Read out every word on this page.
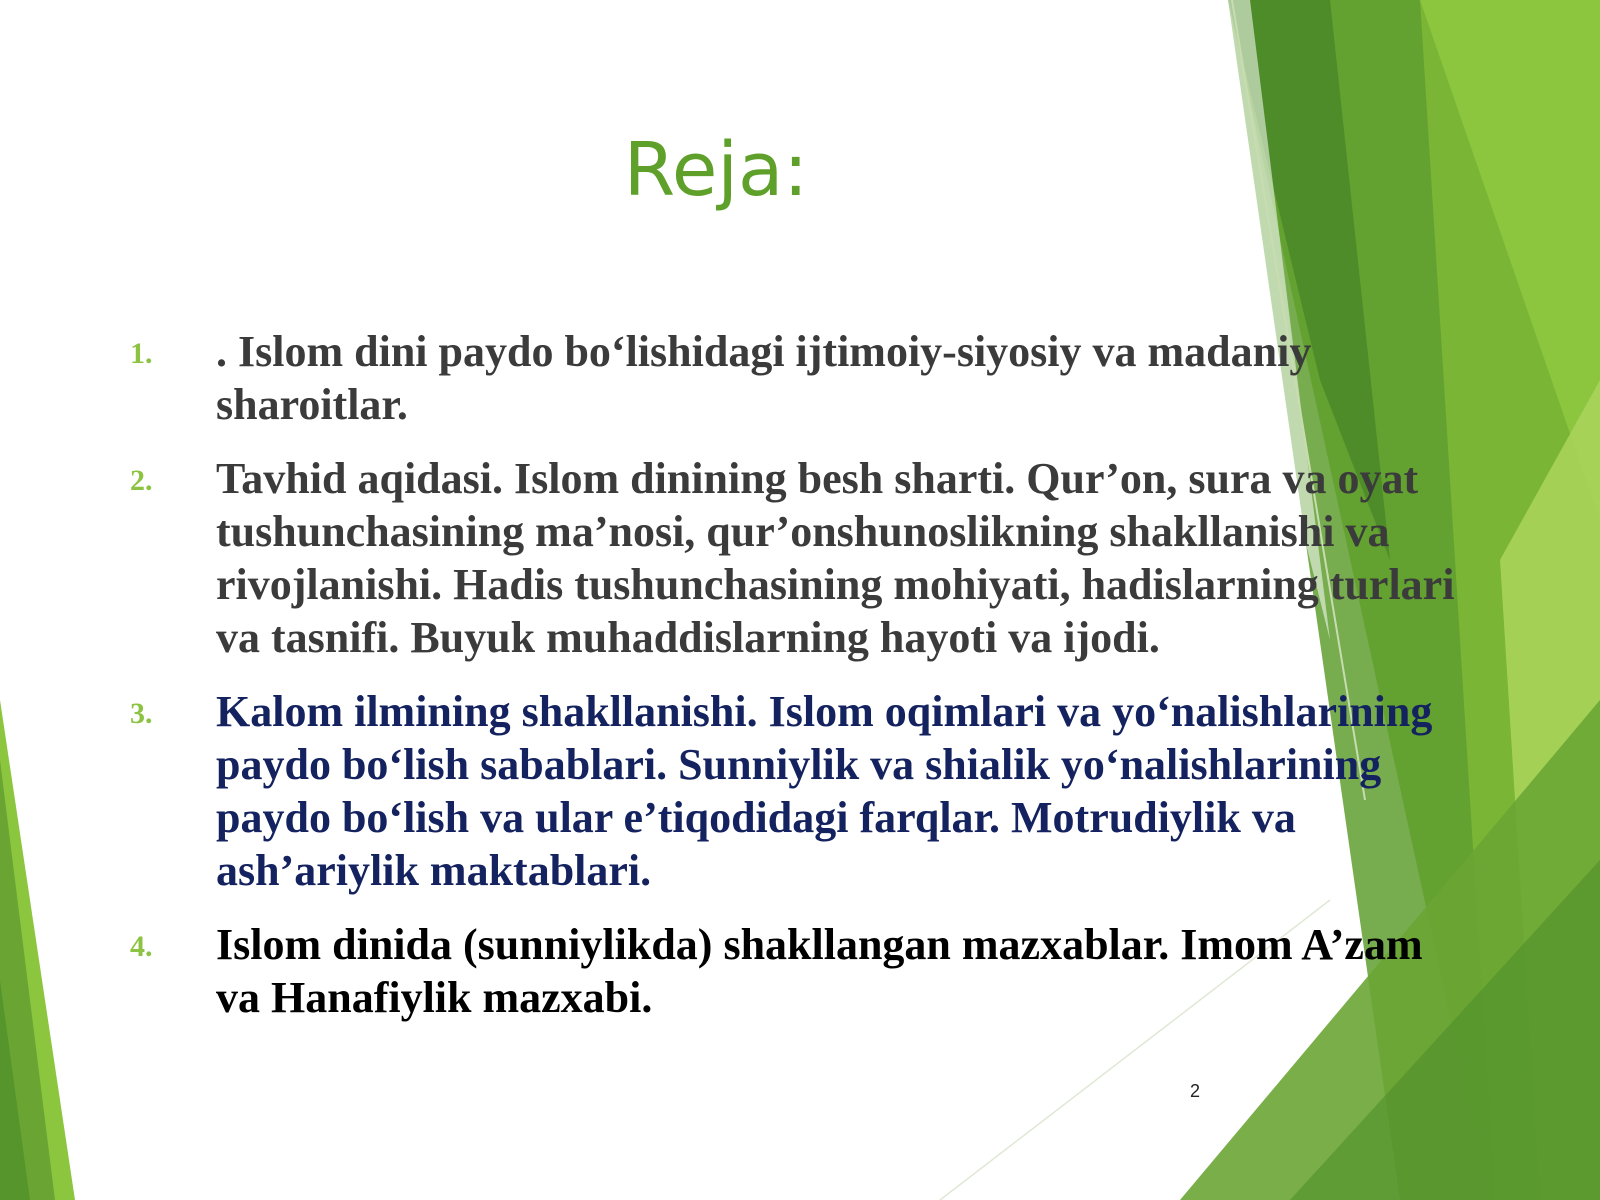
Reja:
1.	. Islom dini paydo bo‘lishidagi ijtimoiy-siyosiy va madaniy sharoitlar.

2.	Tavhid aqidasi. Islom dinining besh sharti. Qur’on, sura va oyat tushunchasining ma’nosi, qur’onshunoslikning shakllanishi va rivojlanishi. Hadis tushunchasining mohiyati, hadislarning turlari va tasnifi. Buyuk muhaddislarning hayoti va ijodi.

3.	Kalom ilmining shakllanishi. Islom oqimlari va yo‘nalishlarining paydo bo‘lish sabablari. Sunniylik va shialik yo‘nalishlarining paydo bo‘lish va ular e’tiqodidagi farqlar. Motrudiylik va ash’ariylik maktablari.

4.	Islom dinida (sunniylikda) shakllangan mazxablar. Imom A’zam va Hanafiylik mazxabi.

2
